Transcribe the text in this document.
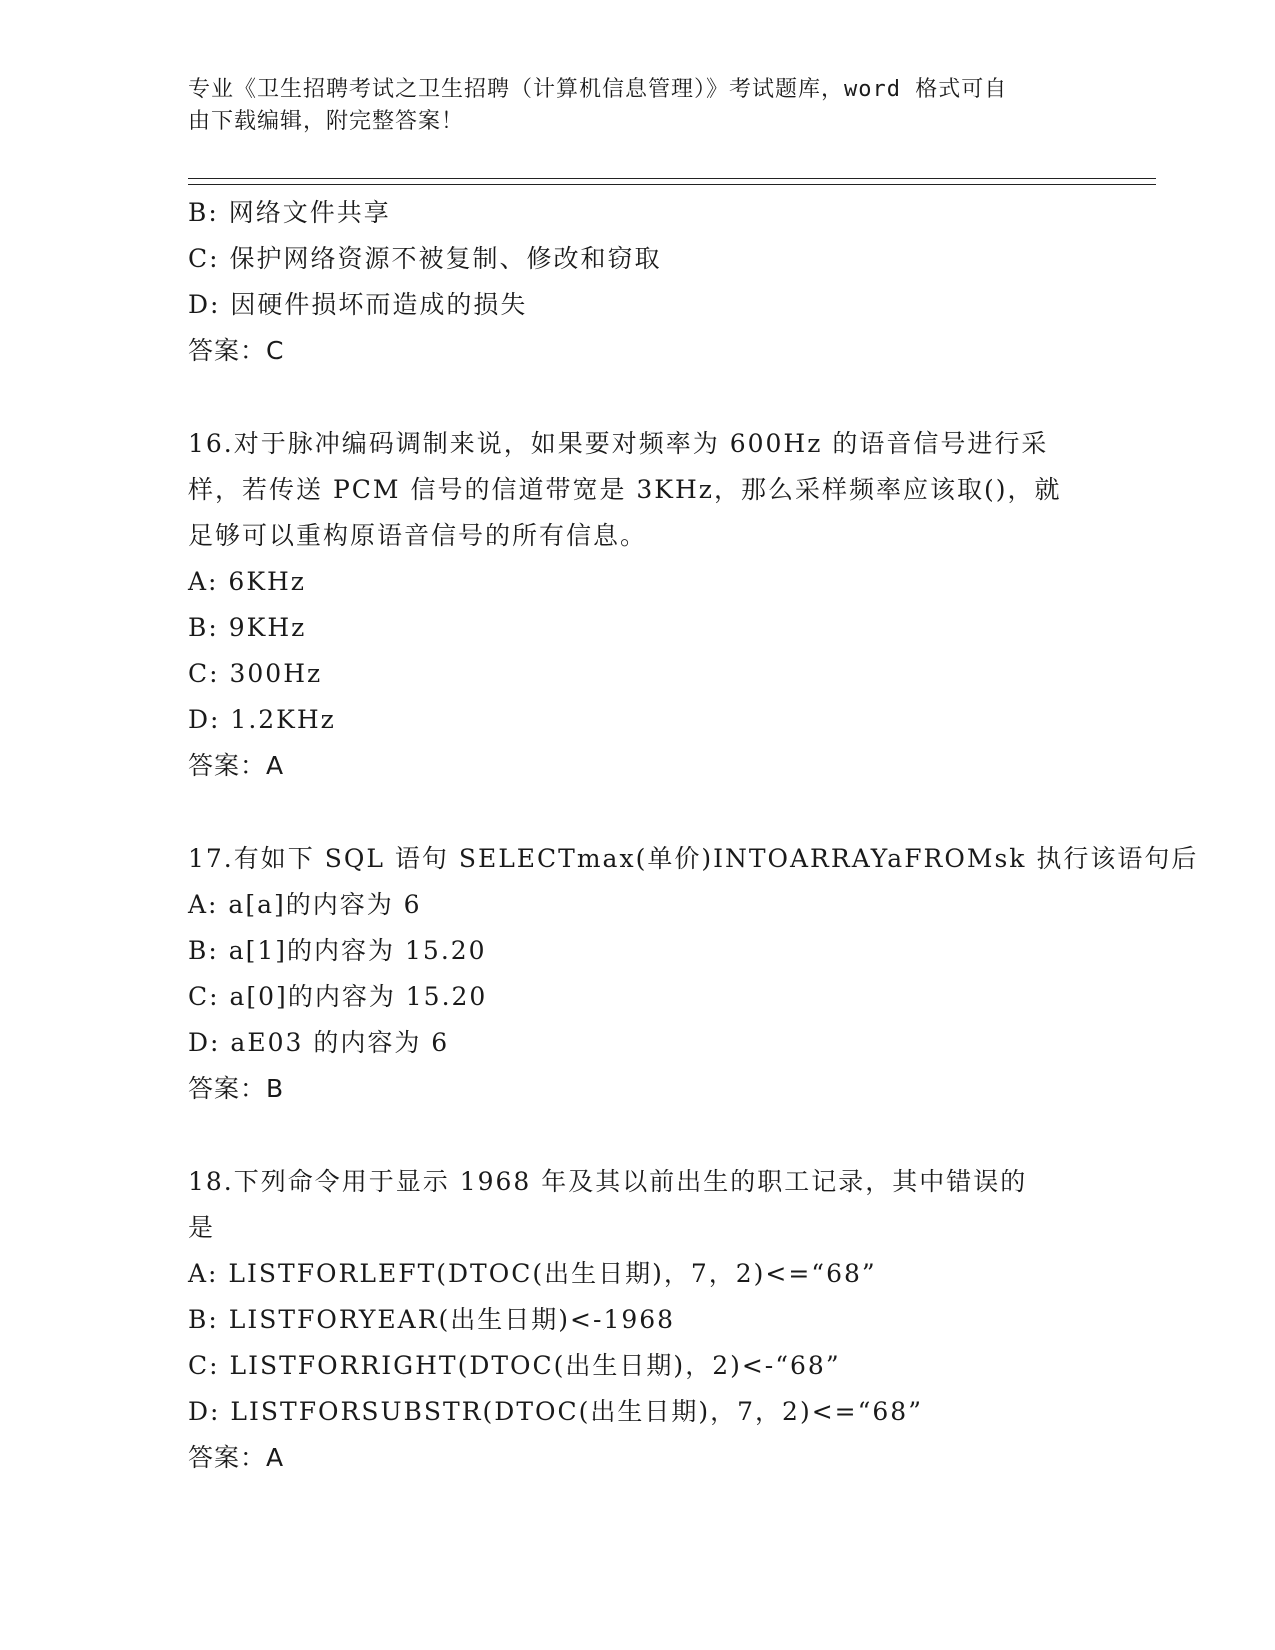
专业《卫生招聘考试之卫生招聘（计算机信息管理）》考试题库，word 格式可自
由下载编辑，附完整答案！
B: 网络文件共享
C: 保护网络资源不被复制、修改和窃取
D: 因硬件损坏而造成的损失
答案：C
16.对于脉冲编码调制来说，如果要对频率为 600Hz 的语音信号进行采
样，若传送 PCM 信号的信道带宽是 3KHz，那么采样频率应该取()，就
足够可以重构原语音信号的所有信息。
A: 6KHz
B: 9KHz
C: 300Hz
D: 1.2KHz
答案：A
17.有如下 SQL 语句 SELECTmax(单价)INTOARRAYaFROMsk 执行该语句后
A: a[a]的内容为 6
B: a[1]的内容为 15.20
C: a[0]的内容为 15.20
D: aE03 的内容为 6
答案：B
18.下列命令用于显示 1968 年及其以前出生的职工记录，其中错误的
是
A: LISTFORLEFT(DTOC(出生日期)，7，2)<=“68”
B: LISTFORYEAR(出生日期)<-1968
C: LISTFORRIGHT(DTOC(出生日期)，2)<-“68”
D: LISTFORSUBSTR(DTOC(出生日期)，7，2)<=“68”
答案：A
